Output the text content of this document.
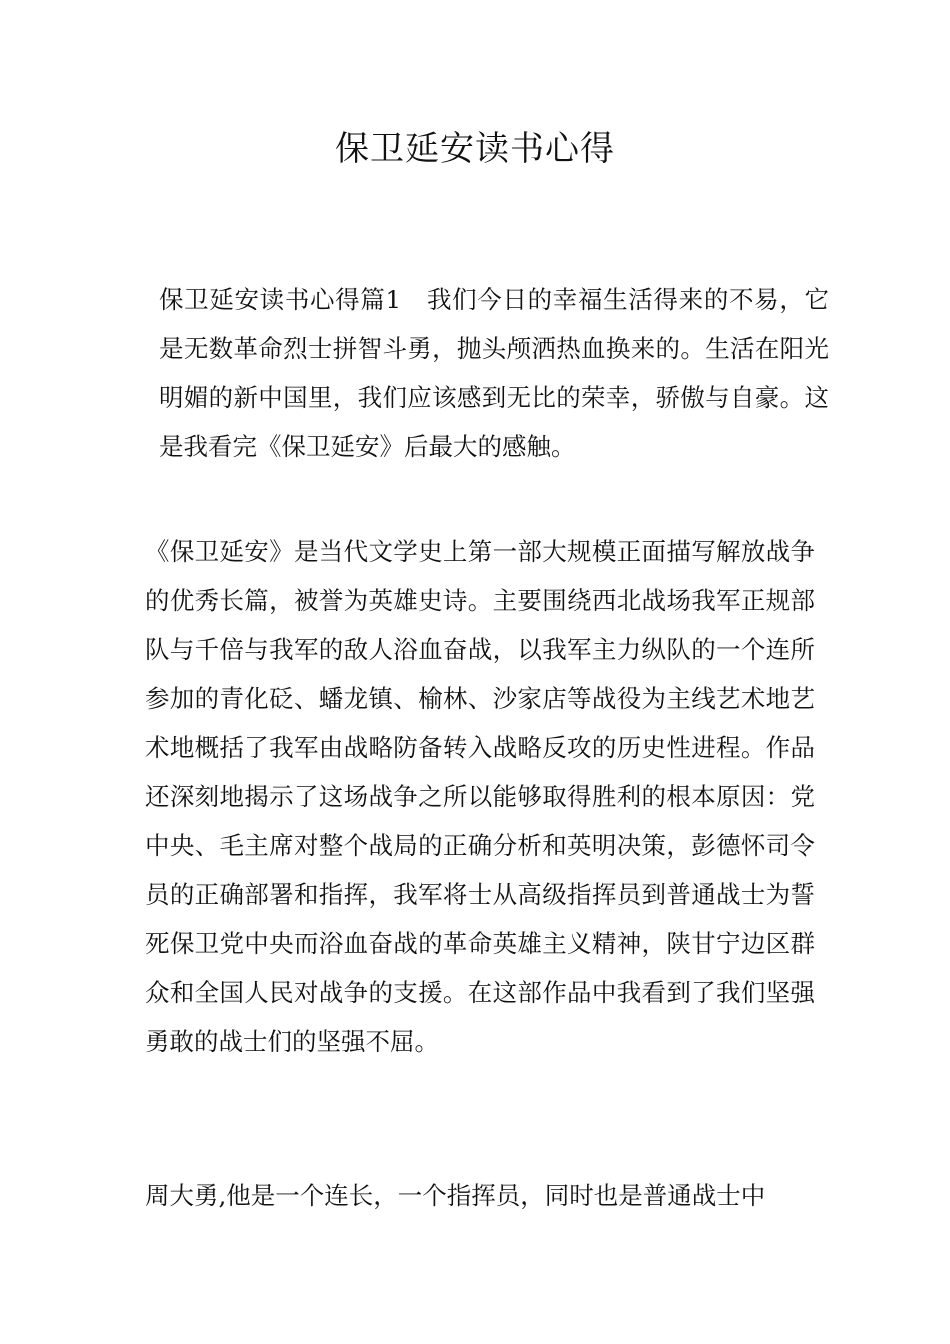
保卫延安读书心得

保卫延安读书心得篇1　我们今日的幸福生活得来的不易，它是无数革命烈士拼智斗勇，抛头颅洒热血换来的。生活在阳光明媚的新中国里，我们应该感到无比的荣幸，骄傲与自豪。这是我看完《保卫延安》后最大的感触。

《保卫延安》是当代文学史上第一部大规模正面描写解放战争的优秀长篇，被誉为英雄史诗。主要围绕西北战场我军正规部队与千倍与我军的敌人浴血奋战，以我军主力纵队的一个连所参加的青化砭、蟠龙镇、榆林、沙家店等战役为主线艺术地艺术地概括了我军由战略防备转入战略反攻的历史性进程。作品还深刻地揭示了这场战争之所以能够取得胜利的根本原因：党中央、毛主席对整个战局的正确分析和英明决策，彭德怀司令员的正确部署和指挥，我军将士从高级指挥员到普通战士为誓死保卫党中央而浴血奋战的革命英雄主义精神，陕甘宁边区群众和全国人民对战争的支援。在这部作品中我看到了我们坚强勇敢的战士们的坚强不屈。

周大勇,他是一个连长，一个指挥员，同时也是普通战士中
